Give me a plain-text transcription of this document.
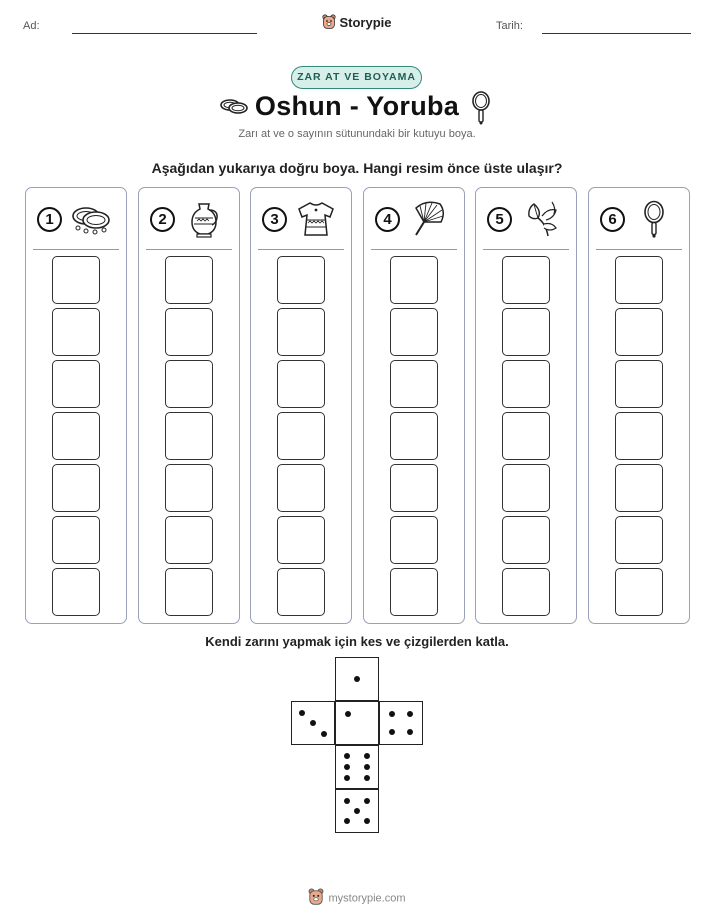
Ad:	Storypie	Tarih:
ZAR AT VE BOYAMA
Oshun - Yoruba
Zarı at ve o sayının sütunundaki bir kutuyu boya.
Aşağıdan yukarıya doğru boya. Hangi resim önce üste ulaşır?
1	2	3	4	5	6
Kendi zarını yapmak için kes ve çizgilerden katla.
mystorypie.com
